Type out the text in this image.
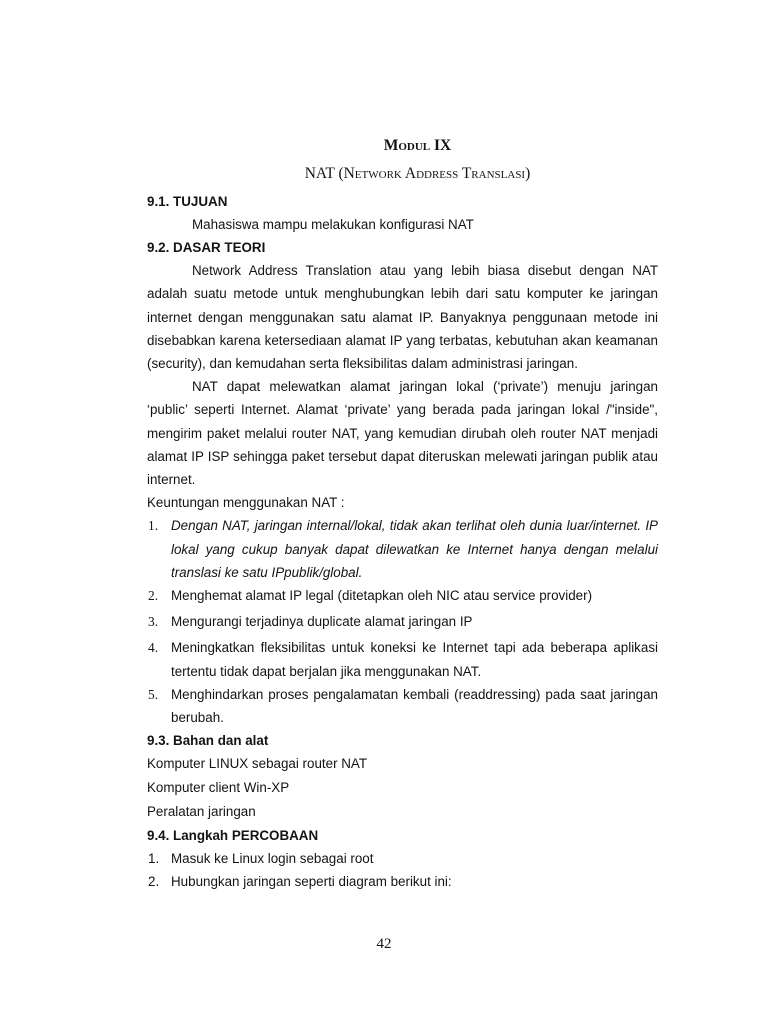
Modul IX

NAT (Network Address Translasi)

9.1. TUJUAN

Mahasiswa mampu melakukan konfigurasi NAT

9.2. DASAR TEORI

Network Address Translation atau yang lebih biasa disebut dengan NAT adalah suatu metode untuk menghubungkan lebih dari satu komputer ke jaringan internet dengan menggunakan satu alamat IP. Banyaknya penggunaan metode ini disebabkan karena ketersediaan alamat IP yang terbatas, kebutuhan akan keamanan (security), dan kemudahan serta fleksibilitas dalam administrasi jaringan.

NAT dapat melewatkan alamat jaringan lokal (‘private’) menuju jaringan ‘public’ seperti Internet. Alamat ‘private’ yang berada pada jaringan lokal /"inside", mengirim paket melalui router NAT, yang kemudian dirubah oleh router NAT menjadi alamat IP ISP sehingga paket tersebut dapat diteruskan melewati jaringan publik atau internet.

Keuntungan menggunakan NAT :

1. Dengan NAT, jaringan internal/lokal, tidak akan terlihat oleh dunia luar/internet. IP lokal yang cukup banyak dapat dilewatkan ke Internet hanya dengan melalui translasi ke satu IPpublik/global.
2. Menghemat alamat IP legal (ditetapkan oleh NIC atau service provider)
3. Mengurangi terjadinya duplicate alamat jaringan IP
4. Meningkatkan fleksibilitas untuk koneksi ke Internet tapi ada beberapa aplikasi tertentu tidak dapat berjalan jika menggunakan NAT.
5. Menghindarkan proses pengalamatan kembali (readdressing) pada saat jaringan berubah.
9.3. Bahan dan alat

Komputer LINUX sebagai router NAT

Komputer client Win-XP

Peralatan jaringan

9.4. Langkah PERCOBAAN
1. Masuk ke Linux login sebagai root
2. Hubungkan jaringan seperti diagram berikut ini:
42
